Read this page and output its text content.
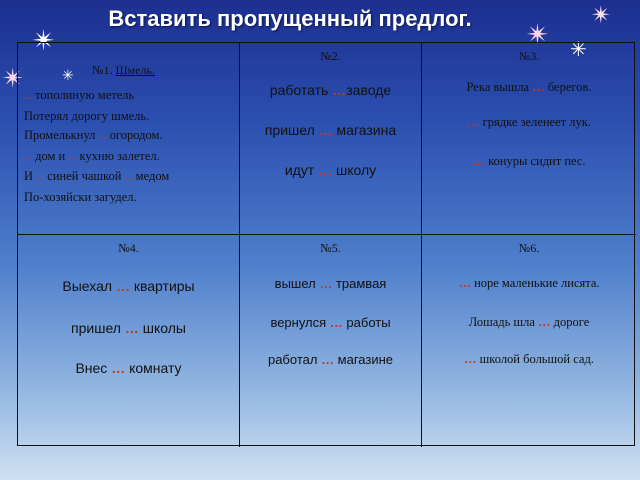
Вставить пропущенный предлог.
✴
✴	✳
✴
✴
✳
№1. Шмель.
… тополиную метель
Потерял дорогу шмель.
Промелькнул … огородом.
… дом и … кухню залетел.
И … синей чашкой … медом
По-хозяйски загудел.
№2.
работать …заводе
пришел … магазина
идут … школу
№3.
Река вышла … берегов.
… грядке зеленеет лук.
… конуры сидит пес.
№4.
Выехал … квартиры
пришел … школы
Внес … комнату
№5.
вышел … трамвая
вернулся … работы
работал … магазине
№6.
… норе маленькие лисята.
Лошадь шла … дороге
… школой большой сад.
